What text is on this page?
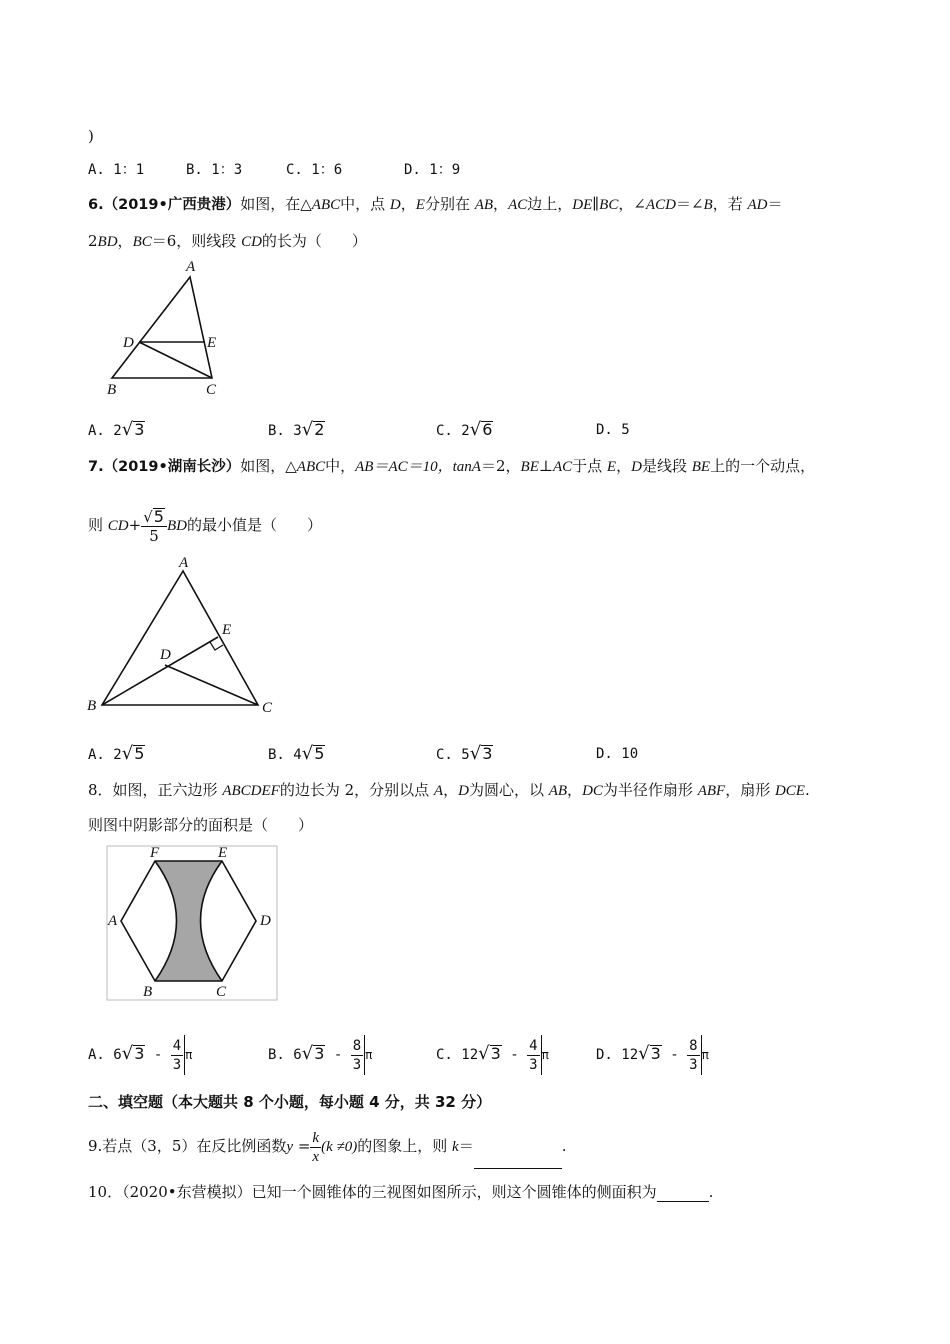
)
A. 1：1	B. 1：3	C. 1：6	D. 1：9
6.（2019•广西贵港）如图，在△ABC中，点 D，E分别在 AB，AC边上，DE∥BC，∠ACD＝∠B，若 AD＝
2BD，BC＝6，则线段 CD的长为（　　）
A
D	E
B	C
A. 2√3	B. 3√2	C. 2√6	D. 5
7.（2019•湖南长沙）如图，△ABC中，AB＝AC＝10，tanA＝2，BE⊥AC于点 E，D是线段 BE上的一个动点，
则 $CD+ \frac{√5}{5}$ BD的最小值是（　　）
A
E
D
B	C
A. 2√5	B. 4√5	C. 5√3	D. 10
8．如图，正六边形 ABCDEF的边长为 2，分别以点 A，D为圆心，以 AB，DC为半径作扇形 ABF，扇形 DCE.
则图中阴影部分的面积是（　　）
F	E
A	D
B	C
A. $6√3 - \frac{4}{3}$ π	B. $6√3 - \frac{8}{3}$ π	C. $12√3 - \frac{4}{3}$ π	D. $12√3 - \frac{8}{3}$ π
二、填空题（本大题共 8 个小题，每小题 4 分，共 32 分）
9.若点（3，5）在反比例函数$y = \frac{k}{x} (k \ne 0)$的图象上，则 k＝	.
10．（2020•东营模拟）已知一个圆锥体的三视图如图所示，则这个圆锥体的侧面积为	.
